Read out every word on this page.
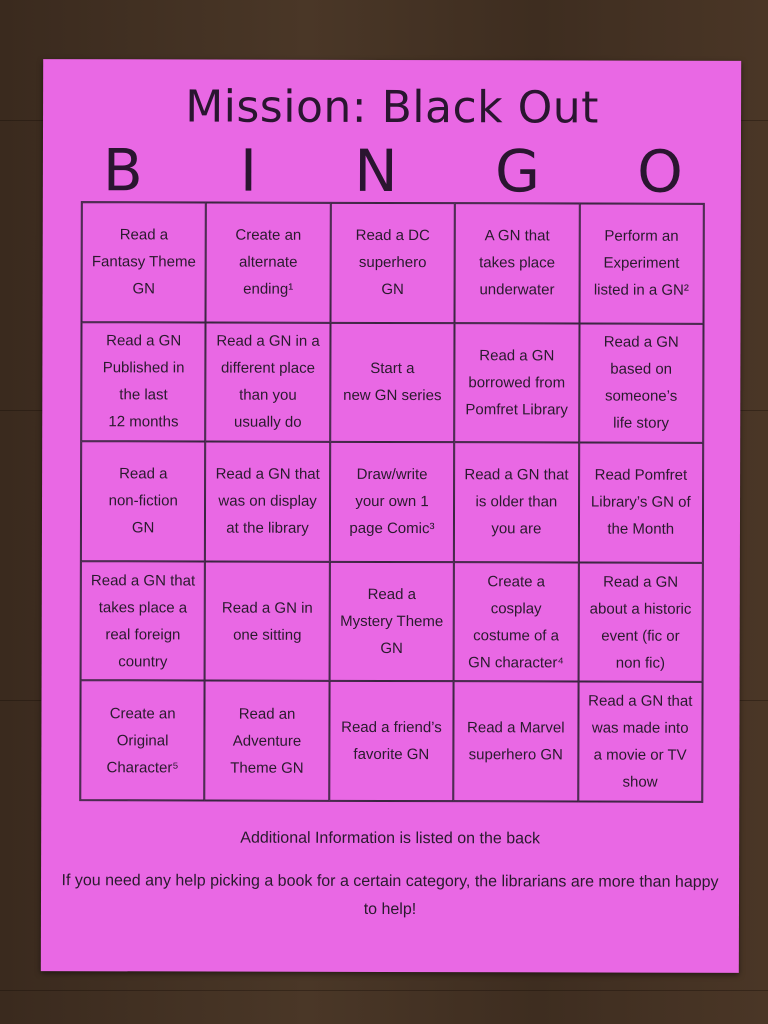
Mission: Black Out
B I N G O
Read a
Fantasy Theme
GN
Create an
alternate
ending¹
Read a DC
superhero
GN
A GN that
takes place
underwater
Perform an
Experiment
listed in a GN²
Read a GN
Published in
the last
12 months
Read a GN in a
different place
than you
usually do
Start a
new GN series
Read a GN
borrowed from
Pomfret Library
Read a GN
based on
someone’s
life story
Read a
non-fiction
GN
Read a GN that
was on display
at the library
Draw/write
your own 1
page Comic³
Read a GN that
is older than
you are
Read Pomfret
Library’s GN of
the Month
Read a GN that
takes place a
real foreign
country
Read a GN in
one sitting
Read a
Mystery Theme
GN
Create a
cosplay
costume of a
GN character⁴
Read a GN
about a historic
event (fic or
non fic)
Create an
Original
Character⁵
Read an
Adventure
Theme GN
Read a friend’s
favorite GN
Read a Marvel
superhero GN
Read a GN that
was made into
a movie or TV
show
Additional Information is listed on the back
If you need any help picking a book for a certain category, the librarians are more than happy to help!
